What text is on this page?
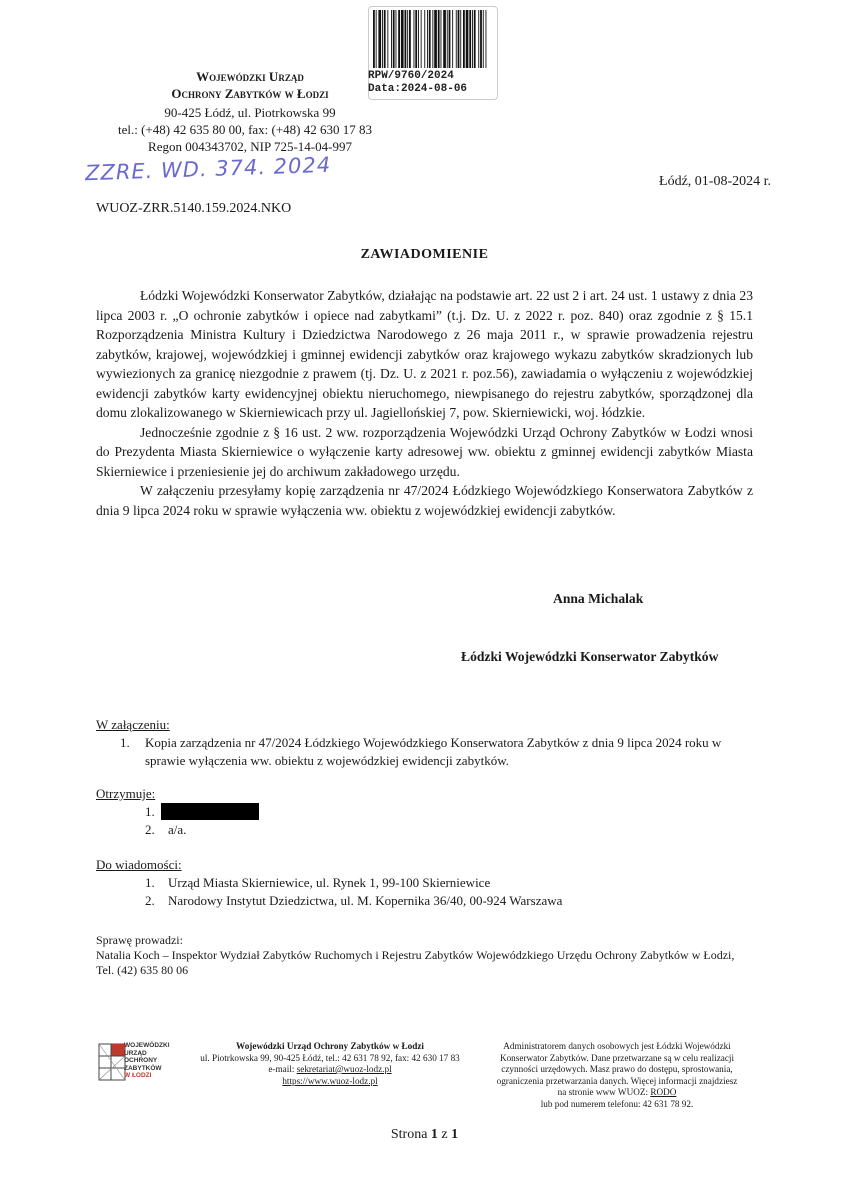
RPW/9760/2024
Data:2024-08-06
Wojewódzki Urząd
Ochrony Zabytków w Łodzi
90-425 Łódź, ul. Piotrkowska 99
tel.: (+48) 42 635 80 00, fax: (+48) 42 630 17 83
Regon 004343702, NIP 725-14-04-997
ZZRE. WD. 374. 2024	Łódź, 01-08-2024 r.
WUOZ-ZRR.5140.159.2024.NKO
ZAWIADOMIENIE

Łódzki Wojewódzki Konserwator Zabytków, działając na podstawie art. 22 ust 2 i art. 24 ust. 1 ustawy z dnia 23 lipca 2003 r. „O ochronie zabytków i opiece nad zabytkami” (t.j. Dz. U. z 2022 r. poz. 840) oraz zgodnie z § 15.1 Rozporządzenia Ministra Kultury i Dziedzictwa Narodowego z 26 maja 2011 r., w sprawie prowadzenia rejestru zabytków, krajowej, wojewódzkiej i gminnej ewidencji zabytków oraz krajowego wykazu zabytków skradzionych lub wywiezionych za granicę niezgodnie z prawem (tj. Dz. U. z 2021 r. poz.56), zawiadamia o wyłączeniu z wojewódzkiej ewidencji zabytków karty ewidencyjnej obiektu nieruchomego, niewpisanego do rejestru zabytków, sporządzonej dla domu zlokalizowanego w Skierniewicach przy ul. Jagiellońskiej 7, pow. Skierniewicki, woj. łódzkie.

Jednocześnie zgodnie z § 16 ust. 2 ww. rozporządzenia Wojewódzki Urząd Ochrony Zabytków w Łodzi wnosi do Prezydenta Miasta Skierniewice o wyłączenie karty adresowej ww. obiektu z gminnej ewidencji zabytków Miasta Skierniewice i przeniesienie jej do archiwum zakładowego urzędu.

W załączeniu przesyłamy kopię zarządzenia nr 47/2024 Łódzkiego Wojewódzkiego Konserwatora Zabytków z dnia 9 lipca 2024 roku w sprawie wyłączenia ww. obiektu z wojewódzkiej ewidencji zabytków.

Anna Michalak
Łódzki Wojewódzki Konserwator Zabytków
W załączeniu:
1.	Kopia zarządzenia nr 47/2024 Łódzkiego Wojewódzkiego Konserwatora Zabytków z dnia 9 lipca 2024 roku w sprawie wyłączenia ww. obiektu z wojewódzkiej ewidencji zabytków.
Otrzymuje:
1.
2. a/a.
Do wiadomości:
1. Urząd Miasta Skierniewice, ul. Rynek 1, 99-100 Skierniewice
2. Narodowy Instytut Dziedzictwa, ul. M. Kopernika 36/40, 00-924 Warszawa
Sprawę prowadzi:
Natalia Koch – Inspektor Wydział Zabytków Ruchomych i Rejestru Zabytków Wojewódzkiego Urzędu Ochrony Zabytków w Łodzi,
Tel. (42) 635 80 06
WOJEWÓDZKI
URZĄD
OCHRONY
ZABYTKÓW
W ŁODZI
Wojewódzki Urząd Ochrony Zabytków w Łodzi
ul. Piotrkowska 99, 90-425 Łódź, tel.: 42 631 78 92, fax: 42 630 17 83
e-mail: sekretariat@wuoz-lodz.pl
https://www.wuoz-lodz.pl
Administratorem danych osobowych jest Łódzki Wojewódzki
Konserwator Zabytków. Dane przetwarzane są w celu realizacji
czynności urzędowych. Masz prawo do dostępu, sprostowania,
ograniczenia przetwarzania danych. Więcej informacji znajdziesz
na stronie www WUOZ: RODO
lub pod numerem telefonu: 42 631 78 92.
Strona 1 z 1
